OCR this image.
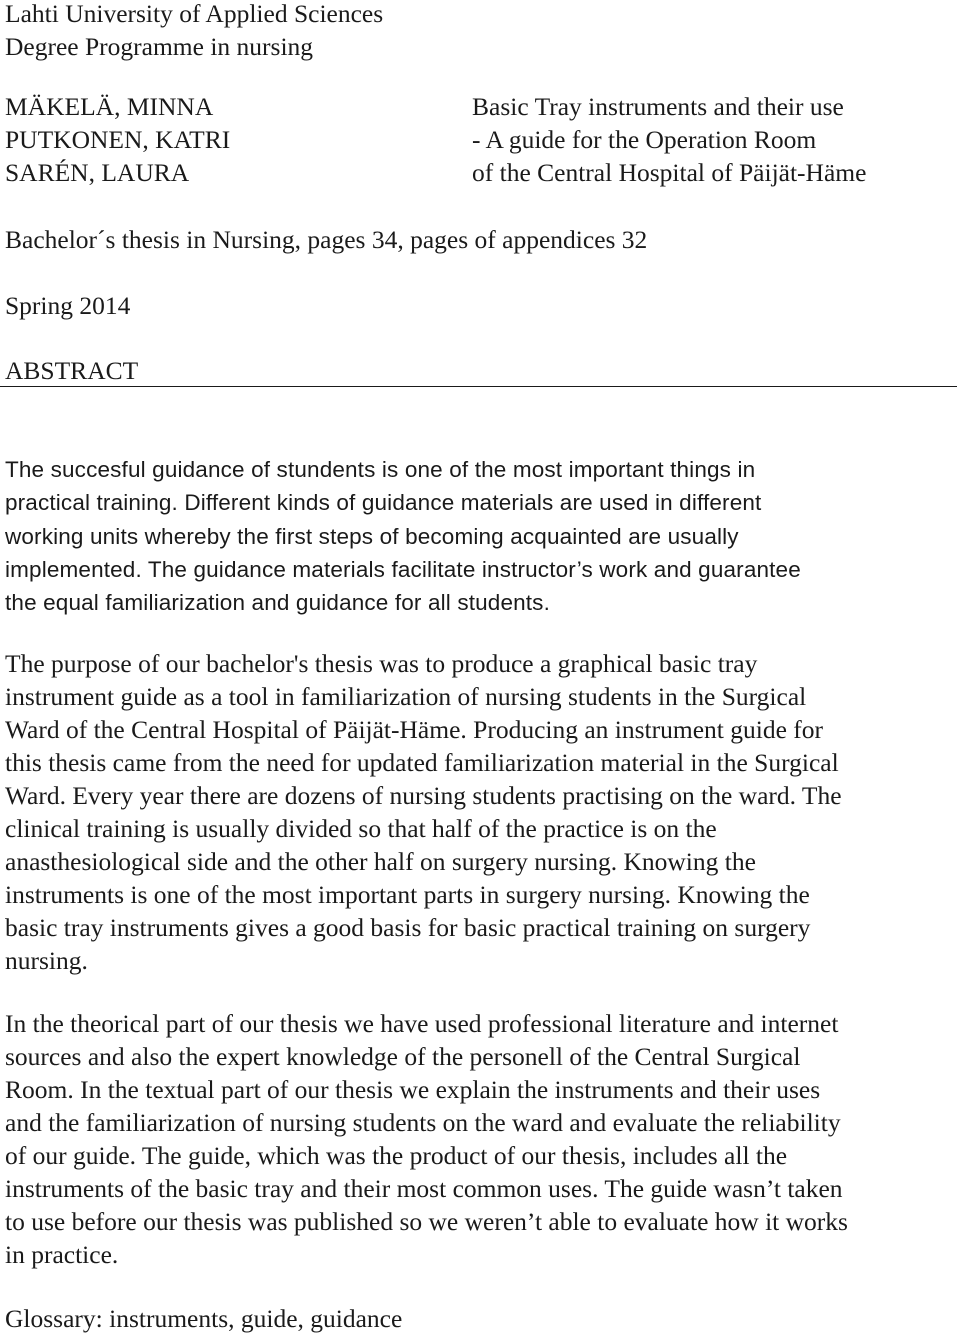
Lahti University of Applied Sciences
Degree Programme in nursing
MÄKELÄ, MINNA
PUTKONEN, KATRI
SARÉN, LAURA
Basic Tray instruments and their use
- A guide for the Operation Room
of the Central Hospital of Päijät-Häme
Bachelor´s thesis in Nursing, pages 34, pages of appendices 32
Spring 2014
ABSTRACT
The succesful guidance of stundents is one of the most important things in
practical training. Different kinds of guidance materials are used in different
working units whereby the first steps of becoming acquainted are usually
implemented. The guidance materials facilitate instructor’s work and guarantee
the equal familiarization and guidance for all students.
The purpose of our bachelor's thesis was to produce a graphical basic tray
instrument guide as a tool in familiarization of nursing students in the Surgical
Ward of the Central Hospital of Päijät-Häme. Producing an instrument guide for
this thesis came from the need for updated familiarization material in the Surgical
Ward. Every year there are dozens of nursing students practising on the ward. The
clinical training is usually divided so that half of the practice is on the
anasthesiological side and the other half on surgery nursing. Knowing the
instruments is one of the most important parts in surgery nursing. Knowing the
basic tray instruments gives a good basis for basic practical training on surgery
nursing.
In the theorical part of our thesis we have used professional literature and internet
sources and also the expert knowledge of the personell of the Central Surgical
Room. In the textual part of our thesis we explain the instruments and their uses
and the familiarization of nursing students on the ward and evaluate the reliability
of our guide. The guide, which was the product of our thesis, includes all the
instruments of the basic tray and their most common uses. The guide wasn’t taken
to use before our thesis was published so we weren’t able to evaluate how it works
in practice.
Glossary: instruments, guide, guidance
